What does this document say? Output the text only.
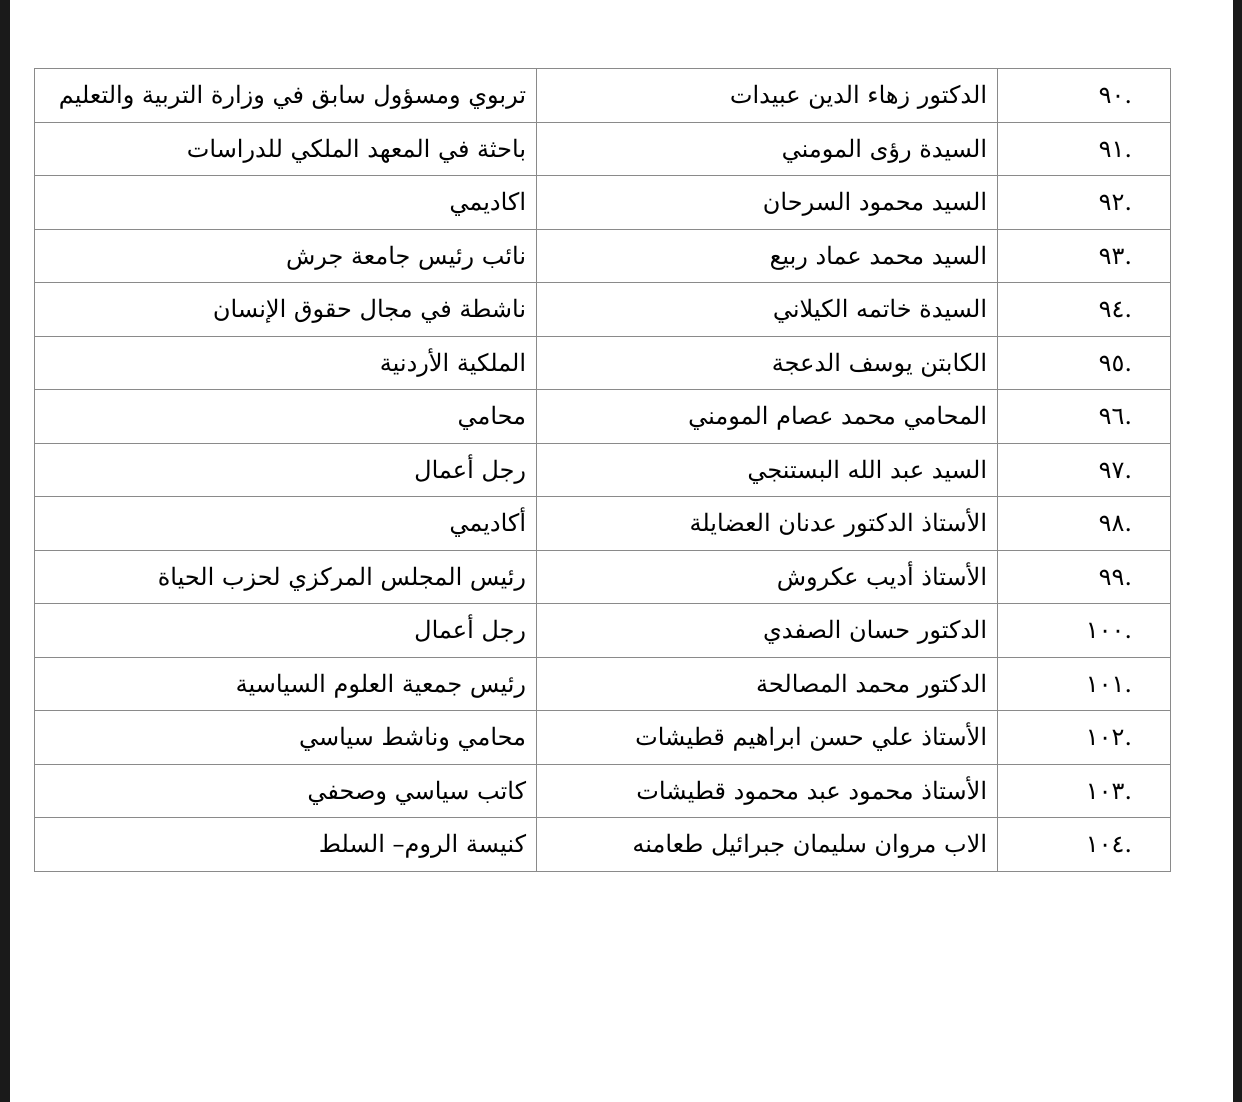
.٩٠	الدكتور زهاء الدين عبيدات	تربوي ومسؤول سابق في وزارة التربية والتعليم
.٩١	السيدة رؤى المومني	باحثة في المعهد الملكي للدراسات
.٩٢	السيد محمود السرحان	اكاديمي
.٩٣	السيد محمد عماد ربيع	نائب رئيس جامعة جرش
.٩٤	السيدة خاتمه الكيلاني	ناشطة في مجال حقوق الإنسان
.٩٥	الكابتن يوسف الدعجة	الملكية الأردنية
.٩٦	المحامي محمد عصام المومني	محامي
.٩٧	السيد عبد الله البستنجي	رجل أعمال
.٩٨	الأستاذ الدكتور عدنان العضايلة	أكاديمي
.٩٩	الأستاذ أديب عكروش	رئيس المجلس المركزي لحزب الحياة
.١٠٠	الدكتور حسان الصفدي	رجل أعمال
.١٠١	الدكتور محمد المصالحة	رئيس جمعية العلوم السياسية
.١٠٢	الأستاذ علي حسن ابراهيم قطيشات	محامي وناشط سياسي
.١٠٣	الأستاذ محمود عبد محمود قطيشات	كاتب سياسي وصحفي
.١٠٤	الاب مروان سليمان جبرائيل طعامنه	كنيسة الروم– السلط
